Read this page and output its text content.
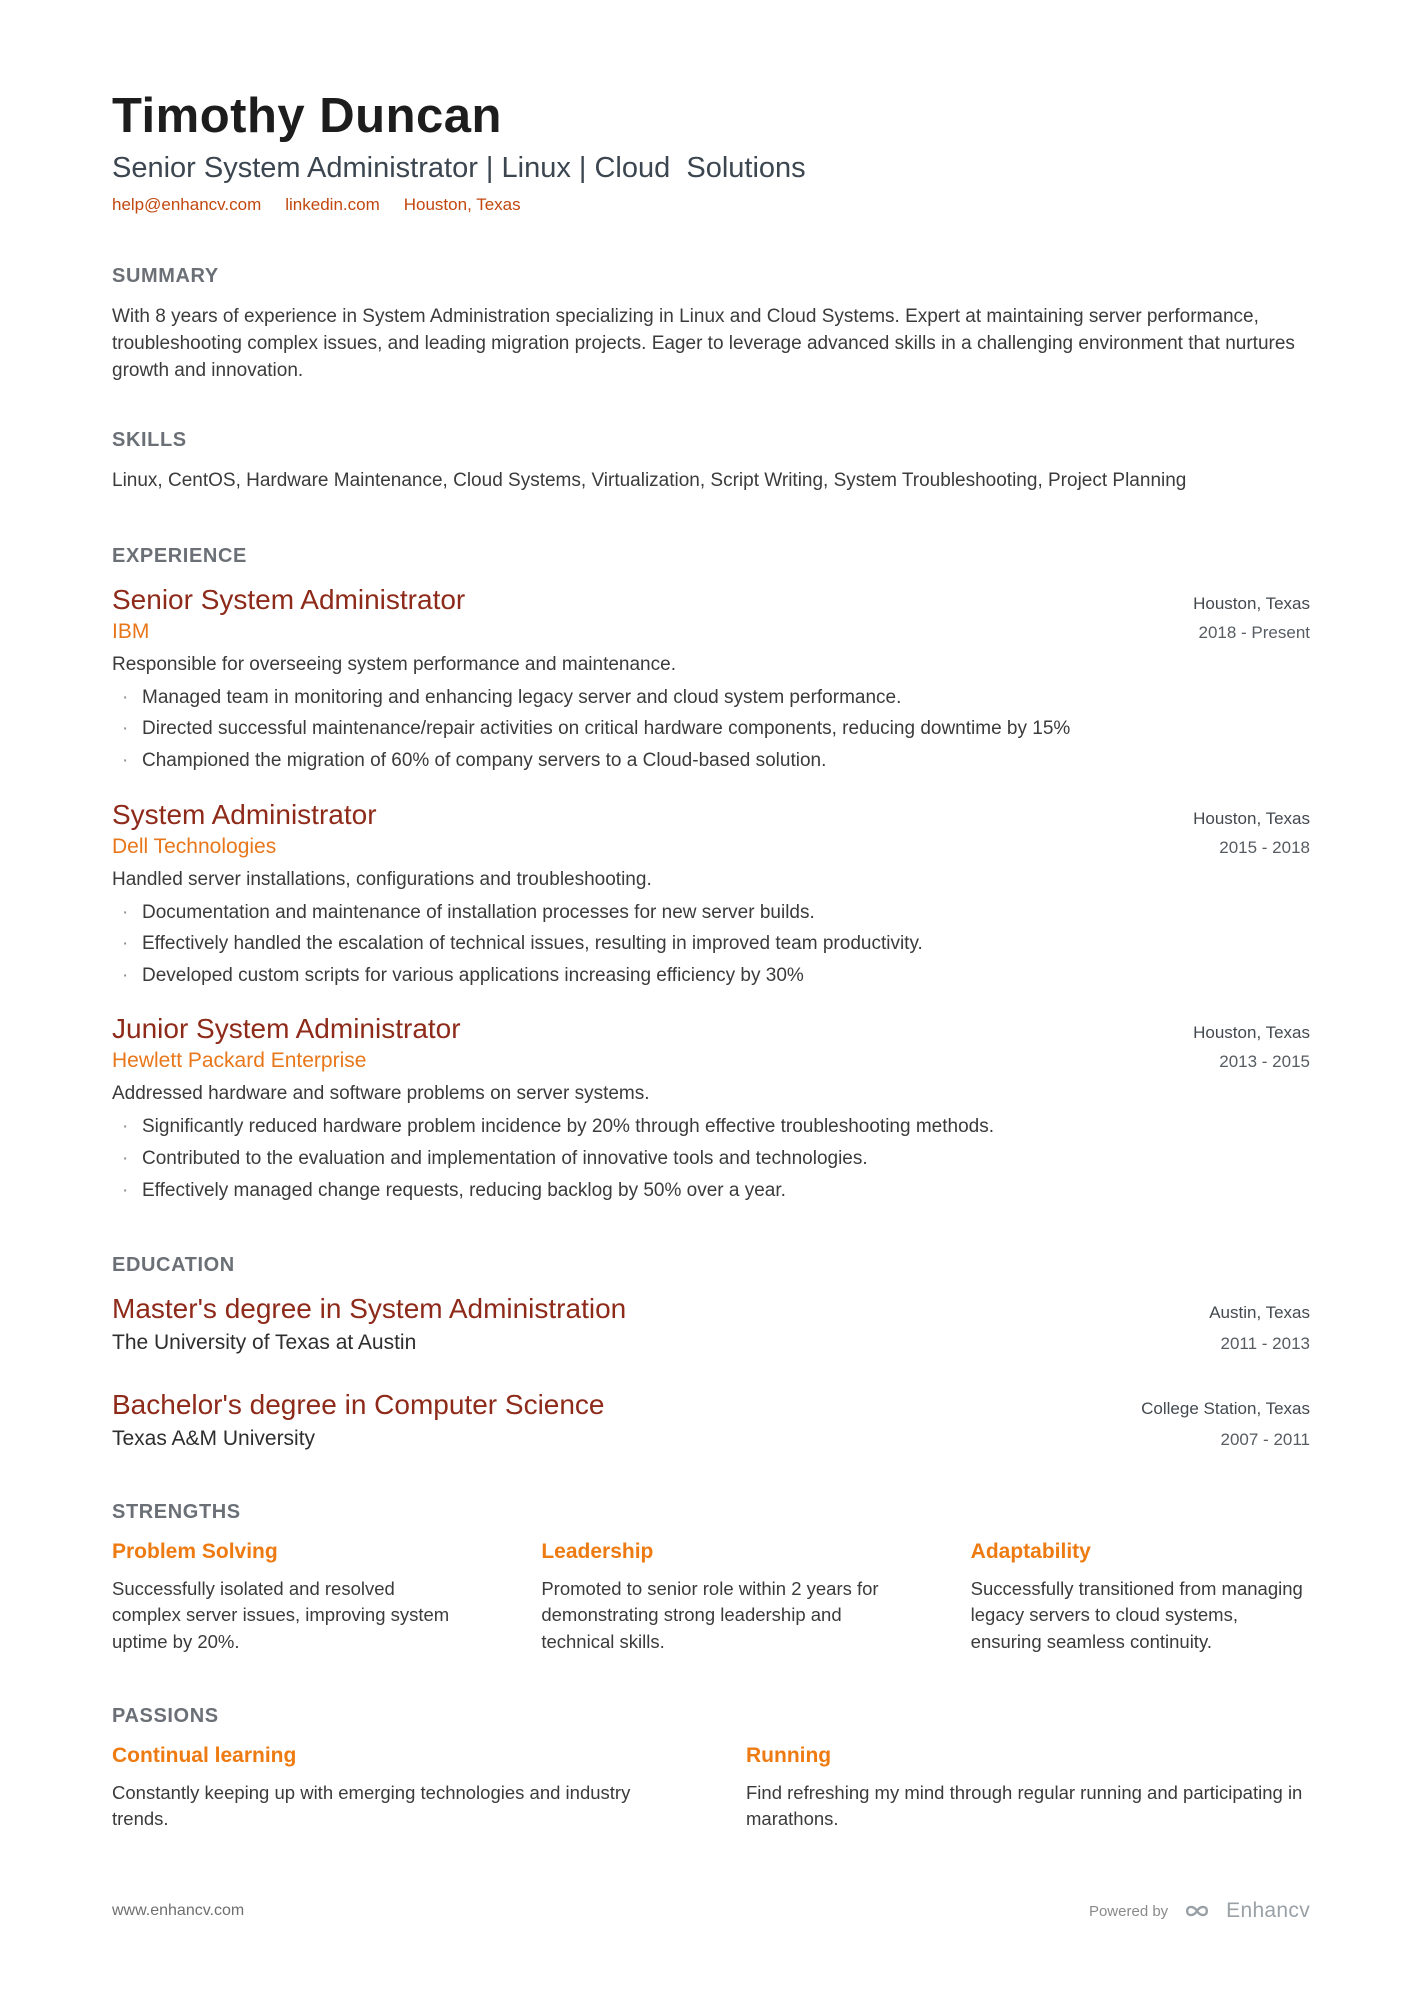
Timothy Duncan
Senior System Administrator | Linux | Cloud  Solutions
help@enhancv.com linkedin.com Houston, Texas
SUMMARY

With 8 years of experience in System Administration specializing in Linux and Cloud Systems. Expert at maintaining server performance, troubleshooting complex issues, and leading migration projects. Eager to leverage advanced skills in a challenging environment that nurtures growth and innovation.

SKILLS

Linux, CentOS, Hardware Maintenance, Cloud Systems, Virtualization, Script Writing, System Troubleshooting, Project Planning

EXPERIENCE
Senior System Administrator	Houston, Texas
IBM	2018 - Present

Responsible for overseeing system performance and maintenance.

· Managed team in monitoring and enhancing legacy server and cloud system performance.
· Directed successful maintenance/repair activities on critical hardware components, reducing downtime by 15%
· Championed the migration of 60% of company servers to a Cloud-based solution.
System Administrator	Houston, Texas
Dell Technologies	2015 - 2018

Handled server installations, configurations and troubleshooting.

· Documentation and maintenance of installation processes for new server builds.
· Effectively handled the escalation of technical issues, resulting in improved team productivity.
· Developed custom scripts for various applications increasing efficiency by 30%
Junior System Administrator	Houston, Texas
Hewlett Packard Enterprise	2013 - 2015

Addressed hardware and software problems on server systems.

· Significantly reduced hardware problem incidence by 20% through effective troubleshooting methods.
· Contributed to the evaluation and implementation of innovative tools and technologies.
· Effectively managed change requests, reducing backlog by 50% over a year.
EDUCATION
Master's degree in System Administration	Austin, Texas
The University of Texas at Austin	2011 - 2013
Bachelor's degree in Computer Science	College Station, Texas
Texas A&M University	2007 - 2011
STRENGTHS
Problem Solving

Successfully isolated and resolved complex server issues, improving system uptime by 20%.

Leadership

Promoted to senior role within 2 years for demonstrating strong leadership and technical skills.

Adaptability

Successfully transitioned from managing legacy servers to cloud systems, ensuring seamless continuity.

PASSIONS
Continual learning

Constantly keeping up with emerging technologies and industry trends.

Running

Find refreshing my mind through regular running and participating in marathons.

www.enhancv.com	Powered by	Enhancv
